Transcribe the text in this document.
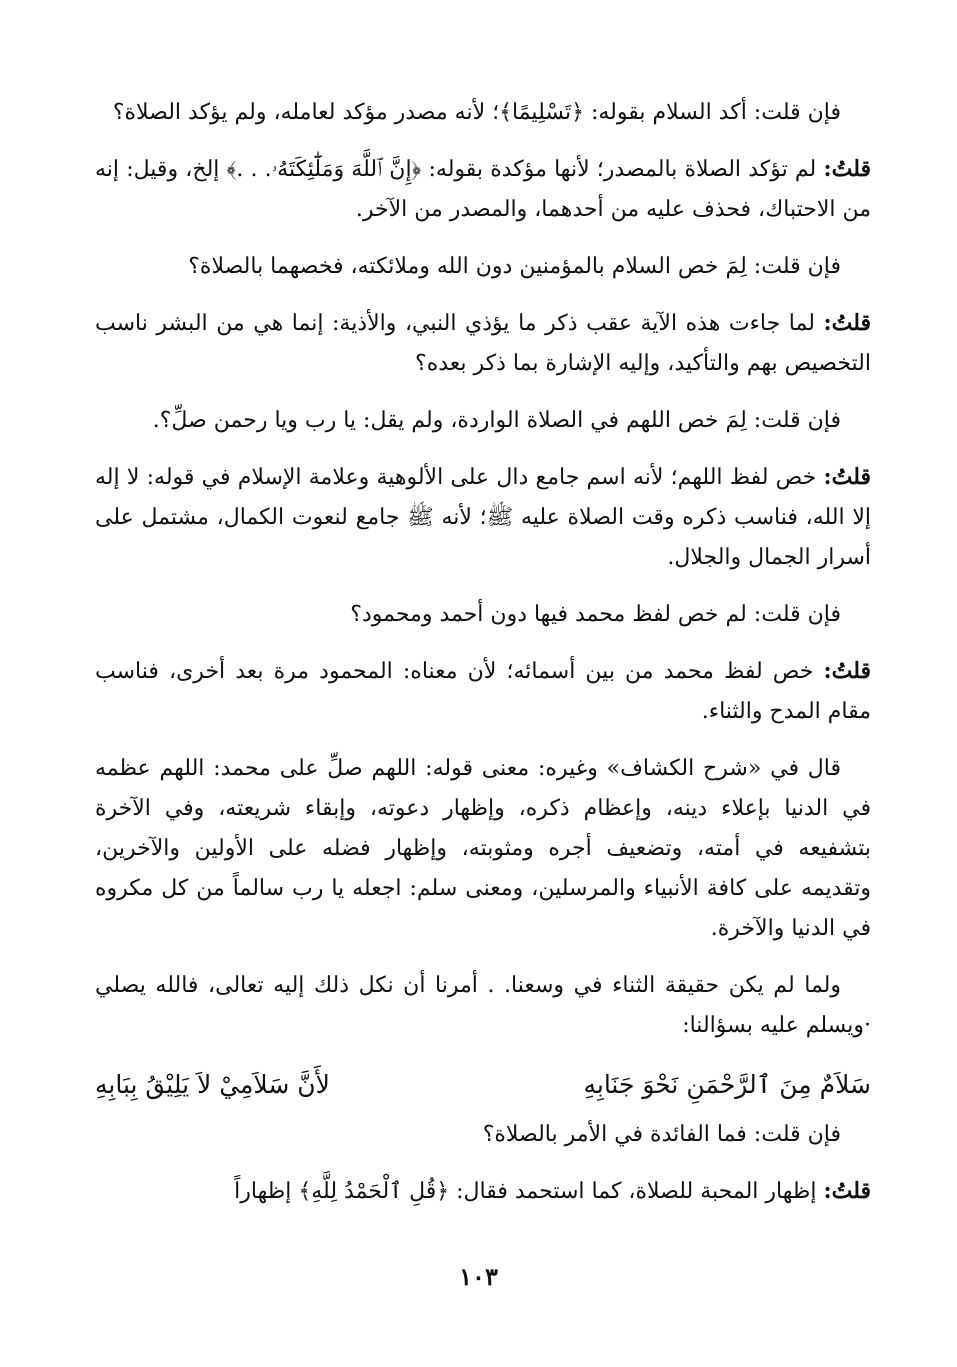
فإن قلت: أكد السلام بقوله: ﴿تَسْلِيمًا﴾؛ لأنه مصدر مؤكد لعامله، ولم يؤكد الصلاة؟

قلتُ: لم تؤكد الصلاة بالمصدر؛ لأنها مؤكدة بقوله: ﴿إِنَّ ٱللَّهَ وَمَلَٰٓئِكَتَهُۥ. . .﴾ إلخ، وقيل: إنه من الاحتباك، فحذف عليه من أحدهما، والمصدر من الآخر.

فإن قلت: لِمَ خص السلام بالمؤمنين دون الله وملائكته، فخصهما بالصلاة؟

قلتُ: لما جاءت هذه الآية عقب ذكر ما يؤذي النبي، والأذية: إنما هي من البشر ناسب التخصيص بهم والتأكيد، وإليه الإشارة بما ذكر بعده؟

فإن قلت: لِمَ خص اللهم في الصلاة الواردة، ولم يقل: يا رب ويا رحمن صلِّ؟.

قلتُ: خص لفظ اللهم؛ لأنه اسم جامع دال على الألوهية وعلامة الإسلام في قوله: لا إله إلا الله، فناسب ذكره وقت الصلاة عليه ﷺ؛ لأنه ﷺ جامع لنعوت الكمال، مشتمل على أسرار الجمال والجلال.

فإن قلت: لم خص لفظ محمد فيها دون أحمد ومحمود؟

قلتُ: خص لفظ محمد من بين أسمائه؛ لأن معناه: المحمود مرة بعد أخرى، فناسب مقام المدح والثناء.

قال في «شرح الكشاف» وغيره: معنى قوله: اللهم صلِّ على محمد: اللهم عظمه في الدنيا بإعلاء دينه، وإعظام ذكره، وإظهار دعوته، وإبقاء شريعته، وفي الآخرة بتشفيعه في أمته، وتضعيف أجره ومثوبته، وإظهار فضله على الأولين والآخرين، وتقديمه على كافة الأنبياء والمرسلين، ومعنى سلم: اجعله يا رب سالماً من كل مكروه في الدنيا والآخرة.

ولما لم يكن حقيقة الثناء في وسعنا. . أمرنا أن نكل ذلك إليه تعالى، فالله يصلي ·ويسلم عليه بسؤالنا:

سَلاَمٌ مِنَ ٱلرَّحْمَنِ نَحْوَ جَنَابِهِ
لأَنَّ سَلاَمِيْ لاَ يَلِيْقُ بِبَابِهِ

فإن قلت: فما الفائدة في الأمر بالصلاة؟

قلتُ: إظهار المحبة للصلاة، كما استحمد فقال: ﴿قُلِ ٱلْحَمْدُ لِلَّهِ﴾ إظهاراً

١٠٣
